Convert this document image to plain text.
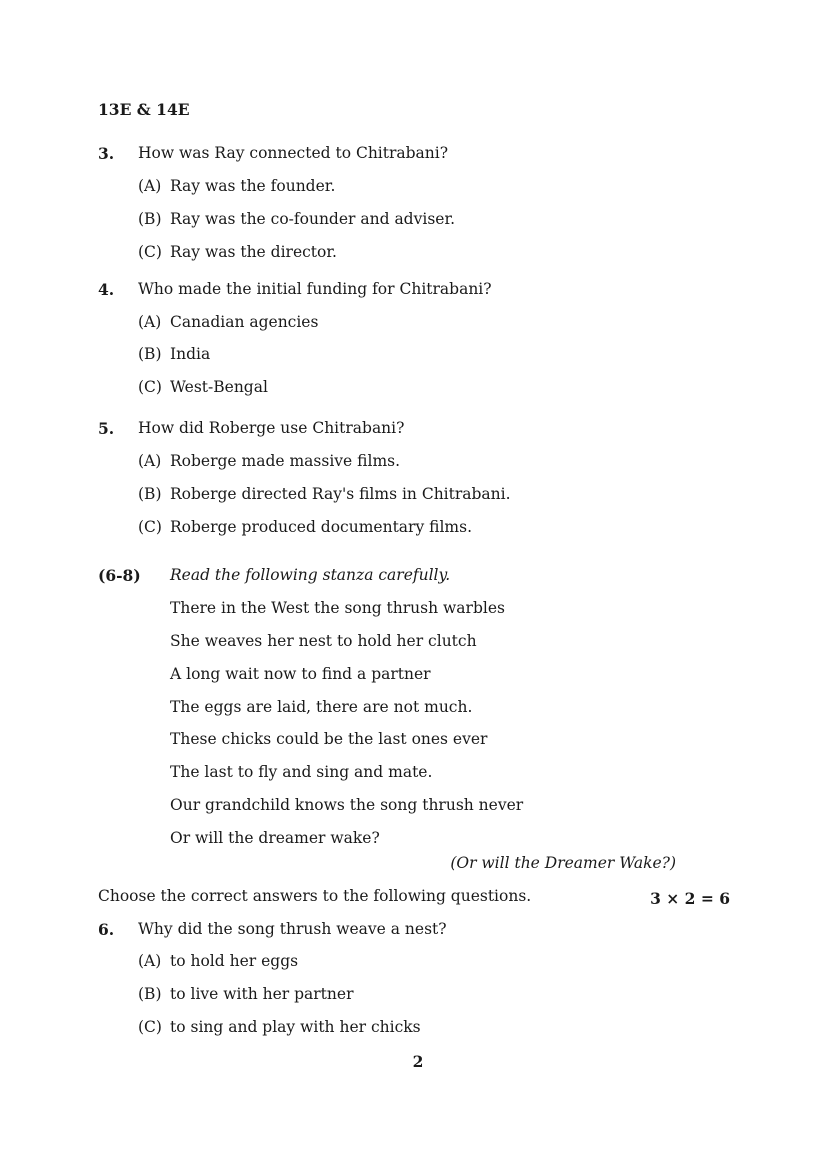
13E & 14E
3. How was Ray connected to Chitrabani?
(A) Ray was the founder.
(B) Ray was the co-founder and adviser.
(C) Ray was the director.
4. Who made the initial funding for Chitrabani?
(A) Canadian agencies
(B) India
(C) West-Bengal
5. How did Roberge use Chitrabani?
(A) Roberge made massive films.
(B) Roberge directed Ray's films in Chitrabani.
(C) Roberge produced documentary films.
(6-8) Read the following stanza carefully.
There in the West the song thrush warbles
She weaves her nest to hold her clutch
A long wait now to find a partner
The eggs are laid, there are not much.
These chicks could be the last ones ever
The last to fly and sing and mate.
Our grandchild knows the song thrush never
Or will the dreamer wake?
(Or will the Dreamer Wake?)
Choose the correct answers to the following questions.	3 × 2 = 6
6. Why did the song thrush weave a nest?
(A) to hold her eggs
(B) to live with her partner
(C) to sing and play with her chicks
2
